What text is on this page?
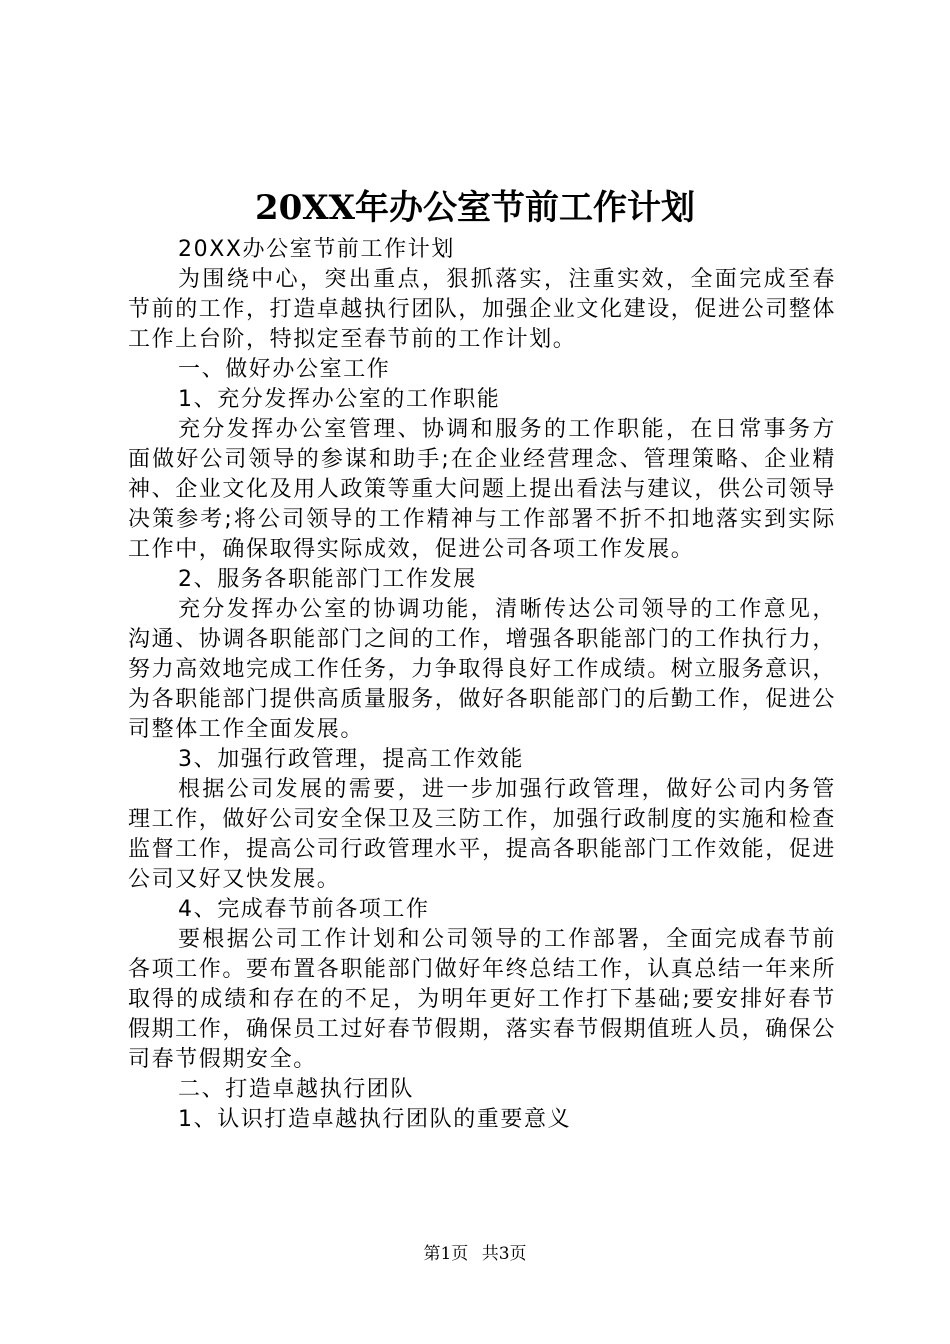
20XX年办公室节前工作计划

20XX办公室节前工作计划

为围绕中心，突出重点，狠抓落实，注重实效，全面完成至春节前的工作，打造卓越执行团队，加强企业文化建设，促进公司整体工作上台阶，特拟定至春节前的工作计划。

一、做好办公室工作

1、充分发挥办公室的工作职能

充分发挥办公室管理、协调和服务的工作职能，在日常事务方面做好公司领导的参谋和助手;在企业经营理念、管理策略、企业精神、企业文化及用人政策等重大问题上提出看法与建议，供公司领导决策参考;将公司领导的工作精神与工作部署不折不扣地落实到实际工作中，确保取得实际成效，促进公司各项工作发展。

2、服务各职能部门工作发展

充分发挥办公室的协调功能，清晰传达公司领导的工作意见，沟通、协调各职能部门之间的工作，增强各职能部门的工作执行力，努力高效地完成工作任务，力争取得良好工作成绩。树立服务意识，为各职能部门提供高质量服务，做好各职能部门的后勤工作，促进公司整体工作全面发展。

3、加强行政管理，提高工作效能

根据公司发展的需要，进一步加强行政管理，做好公司内务管理工作，做好公司安全保卫及三防工作，加强行政制度的实施和检查监督工作，提高公司行政管理水平，提高各职能部门工作效能，促进公司又好又快发展。

4、完成春节前各项工作

要根据公司工作计划和公司领导的工作部署，全面完成春节前各项工作。要布置各职能部门做好年终总结工作，认真总结一年来所取得的成绩和存在的不足，为明年更好工作打下基础;要安排好春节假期工作，确保员工过好春节假期，落实春节假期值班人员，确保公司春节假期安全。

二、打造卓越执行团队

1、认识打造卓越执行团队的重要意义

第1页 共3页
